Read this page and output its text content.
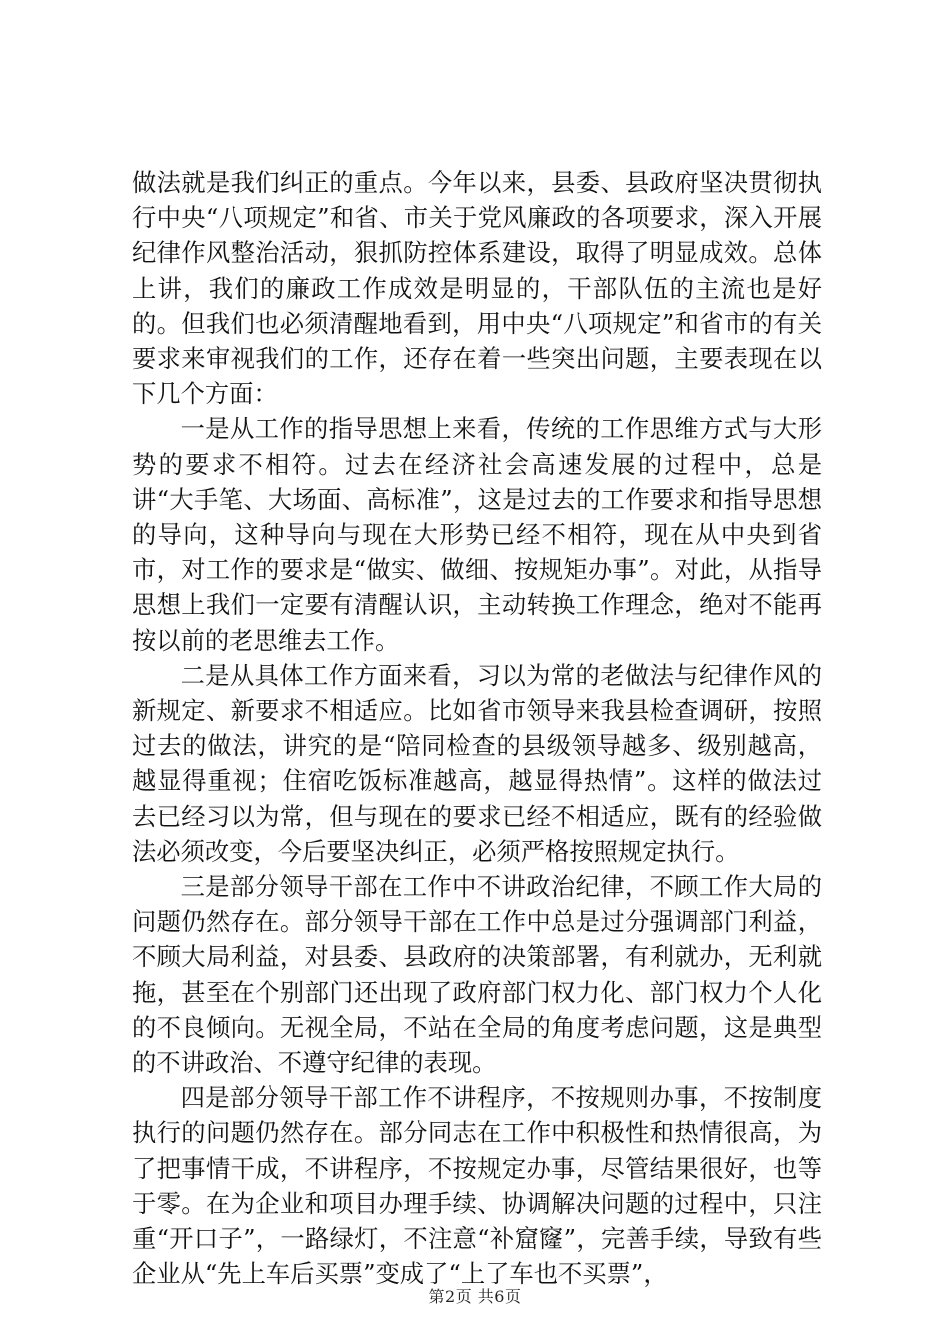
做法就是我们纠正的重点。今年以来，县委、县政府坚决贯彻执行中央“八项规定”和省、市关于党风廉政的各项要求，深入开展纪律作风整治活动，狠抓防控体系建设，取得了明显成效。总体上讲，我们的廉政工作成效是明显的，干部队伍的主流也是好的。但我们也必须清醒地看到，用中央“八项规定”和省市的有关要求来审视我们的工作，还存在着一些突出问题，主要表现在以下几个方面：

一是从工作的指导思想上来看，传统的工作思维方式与大形势的要求不相符。过去在经济社会高速发展的过程中，总是讲“大手笔、大场面、高标准”，这是过去的工作要求和指导思想的导向，这种导向与现在大形势已经不相符，现在从中央到省市，对工作的要求是“做实、做细、按规矩办事”。对此，从指导思想上我们一定要有清醒认识，主动转换工作理念，绝对不能再按以前的老思维去工作。

二是从具体工作方面来看，习以为常的老做法与纪律作风的新规定、新要求不相适应。比如省市领导来我县检查调研，按照过去的做法，讲究的是“陪同检查的县级领导越多、级别越高，越显得重视；住宿吃饭标准越高，越显得热情”。这样的做法过去已经习以为常，但与现在的要求已经不相适应，既有的经验做法必须改变，今后要坚决纠正，必须严格按照规定执行。

三是部分领导干部在工作中不讲政治纪律，不顾工作大局的问题仍然存在。部分领导干部在工作中总是过分强调部门利益，不顾大局利益，对县委、县政府的决策部署，有利就办，无利就拖，甚至在个别部门还出现了政府部门权力化、部门权力个人化的不良倾向。无视全局，不站在全局的角度考虑问题，这是典型的不讲政治、不遵守纪律的表现。

四是部分领导干部工作不讲程序，不按规则办事，不按制度执行的问题仍然存在。部分同志在工作中积极性和热情很高，为了把事情干成，不讲程序，不按规定办事，尽管结果很好，也等于零。在为企业和项目办理手续、协调解决问题的过程中，只注重“开口子”，一路绿灯，不注意“补窟窿”，完善手续，导致有些企业从“先上车后买票”变成了“上了车也不买票”，

第2页 共6页
